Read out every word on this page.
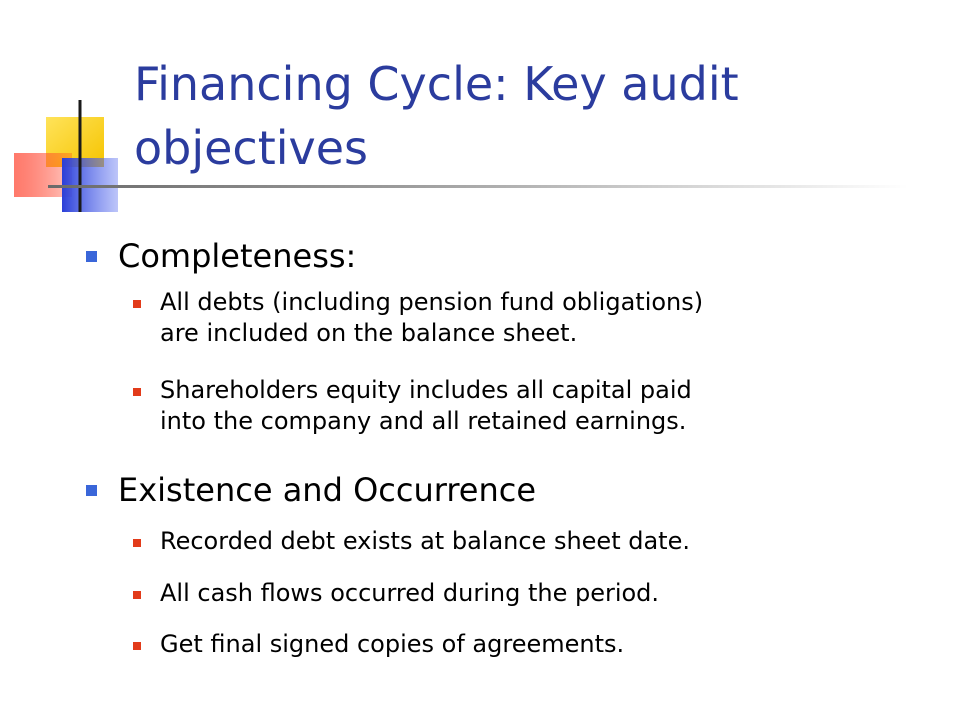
Financing Cycle: Key audit
objectives

Completeness:

All debts (including pension fund obligations)
are included on the balance sheet.

Shareholders equity includes all capital paid
into the company and all retained earnings.

Existence and Occurrence

Recorded debt exists at balance sheet date.

All cash flows occurred during the period.

Get final signed copies of agreements.
